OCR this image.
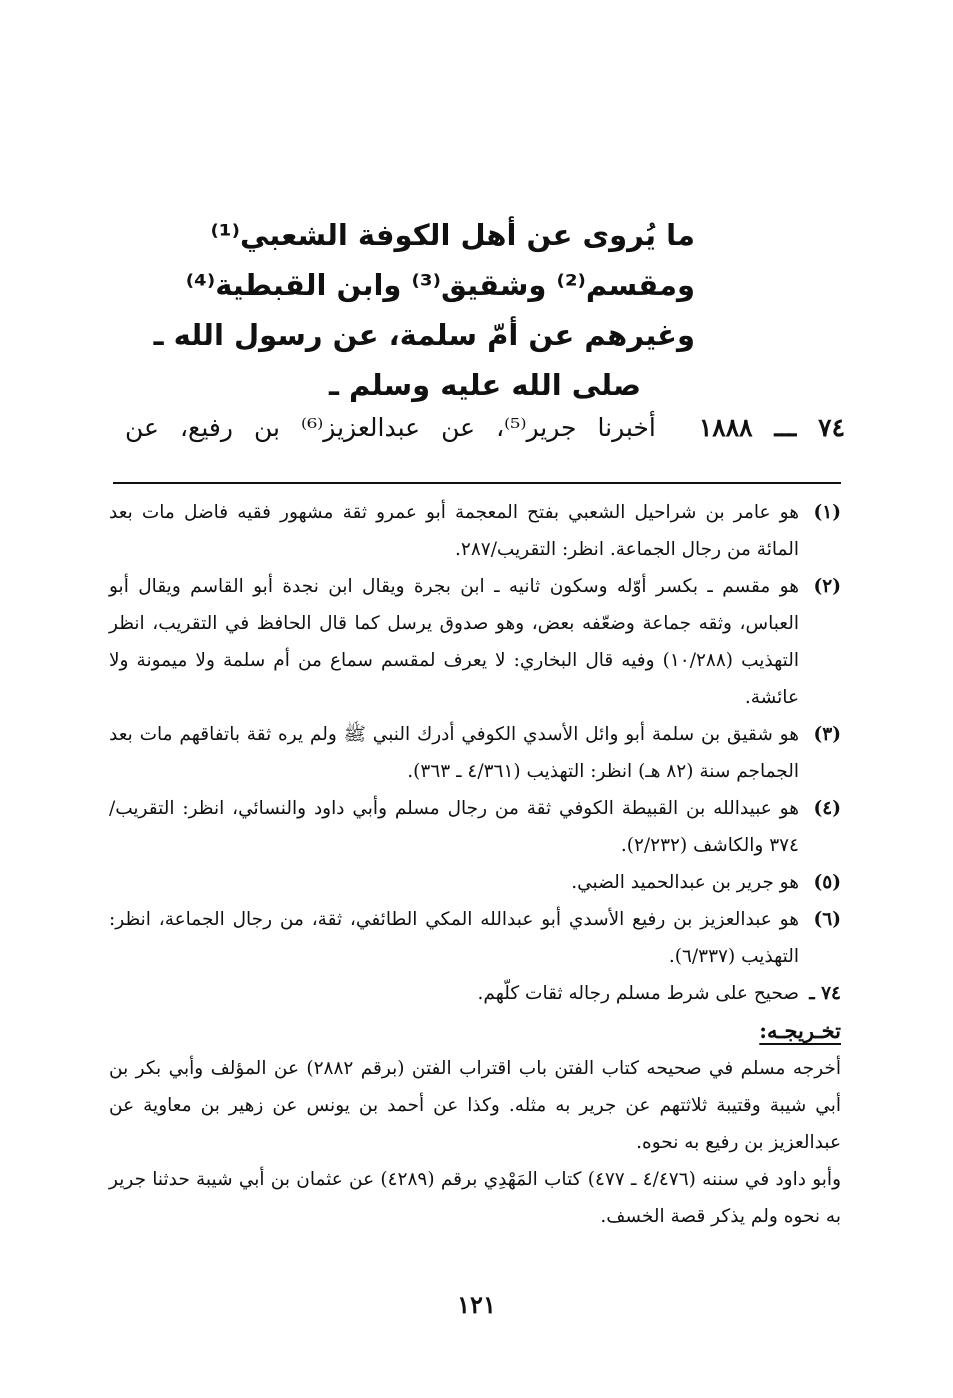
ما يُروى عن أهل الكوفة الشعبي⁽¹⁾
ومقسم⁽²⁾ وشقيق⁽³⁾ وابن القبطية⁽⁴⁾
وغيرهم عن أمّ سلمة، عن رسول الله ـ
صلى الله عليه وسلم ـ
٧٤ ـــ ١٨٨٨ أخبرنا جرير⁽⁵⁾، عن عبدالعزيز⁽⁶⁾ بن رفيع، عن
(١)
هو عامر بن شراحيل الشعبي بفتح المعجمة أبو عمرو ثقة مشهور فقيه فاضل مات بعد المائة من رجال الجماعة. انظر: التقريب/٢٨٧.
(٢)
هو مقسم ـ بكسر أوّله وسكون ثانيه ـ ابن بجرة ويقال ابن نجدة أبو القاسم ويقال أبو العباس، وثقه جماعة وضعّفه بعض، وهو صدوق يرسل كما قال الحافظ في التقريب، انظر التهذيب (١٠/٢٨٨) وفيه قال البخاري: لا يعرف لمقسم سماع من أم سلمة ولا ميمونة ولا عائشة.
(٣)
هو شقيق بن سلمة أبو وائل الأسدي الكوفي أدرك النبي ﷺ ولم يره ثقة باتفاقهم مات بعد الجماجم سنة (٨٢ هـ) انظر: التهذيب (٤/٣٦١ ـ ٣٦٣).
(٤)
هو عبيدالله بن القبيطة الكوفي ثقة من رجال مسلم وأبي داود والنسائي، انظر: التقريب/٣٧٤ والكاشف (٢/٢٣٢).
(٥)
هو جرير بن عبدالحميد الضبي.
(٦)
هو عبدالعزيز بن رفيع الأسدي أبو عبدالله المكي الطائفي، ثقة، من رجال الجماعة، انظر: التهذيب (٦/٣٣٧).
٧٤ ـ
صحيح على شرط مسلم رجاله ثقات كلّهم.
تخـريجـه:

أخرجه مسلم في صحيحه كتاب الفتن باب اقتراب الفتن (برقم ٢٨٨٢) عن المؤلف وأبي بكر بن أبي شيبة وقتيبة ثلاثتهم عن جرير به مثله. وكذا عن أحمد بن يونس عن زهير بن معاوية عن عبدالعزيز بن رفيع به نحوه.

وأبو داود في سننه (٤/٤٧٦ ـ ٤٧٧) كتاب المَهْدِي برقم (٤٢٨٩) عن عثمان بن أبي شيبة حدثنا جرير به نحوه ولم يذكر قصة الخسف.

١٢١
